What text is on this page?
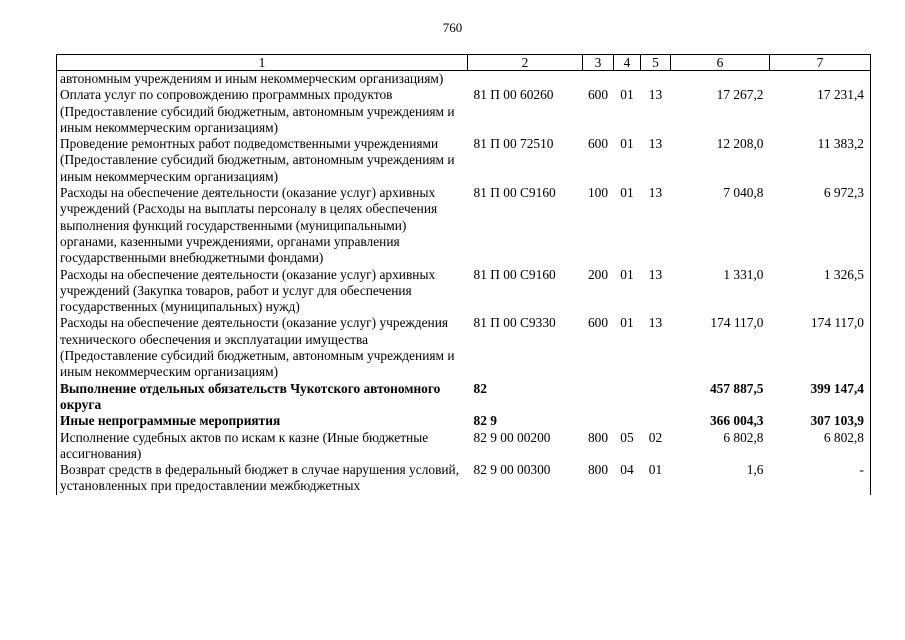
760
1	2	3	4	5	6	7
автономным учреждениям и иным некоммерческим организациям)						
Оплата услуг по сопровождению программных продуктов (Предоставление субсидий бюджетным, автономным учреждениям и иным некоммерческим организациям)	81 П 00 60260	600	01	13	17 267,2	17 231,4
Проведение ремонтных работ подведомственными учреждениями (Предоставление субсидий бюджетным, автономным учреждениям и иным некоммерческим организациям)	81 П 00 72510	600	01	13	12 208,0	11 383,2
Расходы на обеспечение деятельности (оказание услуг) архивных учреждений (Расходы на выплаты персоналу в целях обеспечения выполнения функций государственными (муниципальными) органами, казенными учреждениями, органами управления государственными внебюджетными фондами)	81 П 00 С9160	100	01	13	7 040,8	6 972,3
Расходы на обеспечение деятельности (оказание услуг) архивных учреждений (Закупка товаров, работ и услуг для обеспечения государственных (муниципальных) нужд)	81 П 00 С9160	200	01	13	1 331,0	1 326,5
Расходы на обеспечение деятельности (оказание услуг) учреждения технического обеспечения и эксплуатации имущества (Предоставление субсидий бюджетным, автономным учреждениям и иным некоммерческим организациям)	81 П 00 С9330	600	01	13	174 117,0	174 117,0
Выполнение отдельных обязательств Чукотского автономного округа	82				457 887,5	399 147,4
Иные непрограммные мероприятия	82 9				366 004,3	307 103,9
Исполнение судебных актов по искам к казне (Иные бюджетные ассигнования)	82 9 00 00200	800	05	02	6 802,8	6 802,8
Возврат средств в федеральный бюджет в случае нарушения условий, установленных при предоставлении межбюджетных	82 9 00 00300	800	04	01	1,6	-
